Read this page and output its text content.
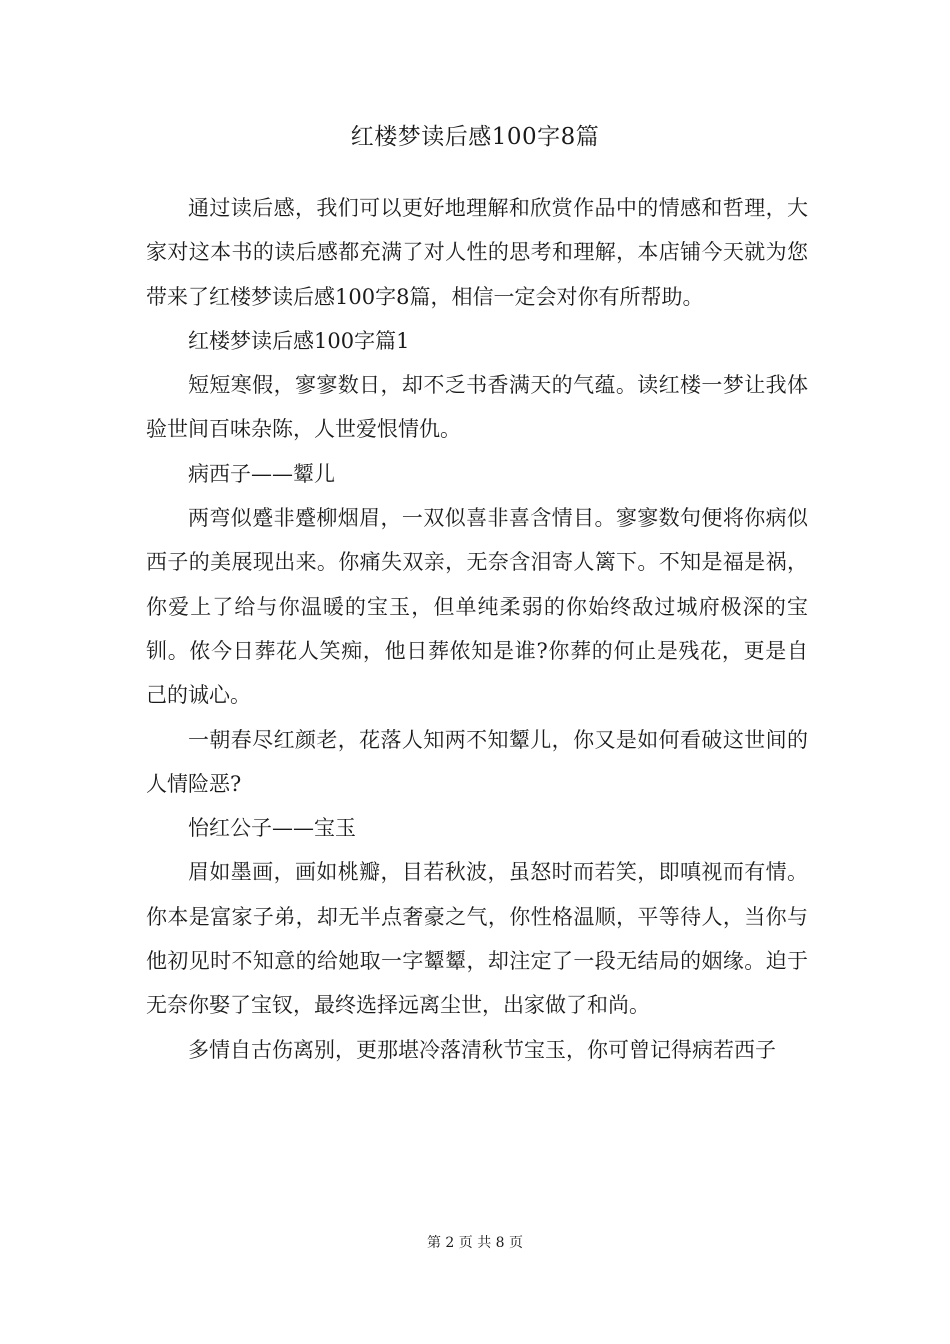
红楼梦读后感100字8篇

通过读后感，我们可以更好地理解和欣赏作品中的情感和哲理，大家对这本书的读后感都充满了对人性的思考和理解，本店铺今天就为您带来了红楼梦读后感100字8篇，相信一定会对你有所帮助。

红楼梦读后感100字篇1

短短寒假，寥寥数日，却不乏书香满天的气蕴。读红楼一梦让我体验世间百味杂陈，人世爱恨情仇。

病西子——颦儿

两弯似蹙非蹙柳烟眉，一双似喜非喜含情目。寥寥数句便将你病似西子的美展现出来。你痛失双亲，无奈含泪寄人篱下。不知是福是祸，你爱上了给与你温暖的宝玉，但单纯柔弱的你始终敌过城府极深的宝钏。侬今日葬花人笑痴，他日葬侬知是谁?你葬的何止是残花，更是自己的诚心。

一朝春尽红颜老，花落人知两不知颦儿，你又是如何看破这世间的人情险恶?

怡红公子——宝玉

眉如墨画，画如桃瓣，目若秋波，虽怒时而若笑，即嗔视而有情。你本是富家子弟，却无半点奢豪之气，你性格温顺，平等待人，当你与他初见时不知意的给她取一字颦颦，却注定了一段无结局的姻缘。迫于无奈你娶了宝钗，最终选择远离尘世，出家做了和尚。

多情自古伤离别，更那堪冷落清秋节宝玉，你可曾记得病若西子

第 2 页 共 8 页
